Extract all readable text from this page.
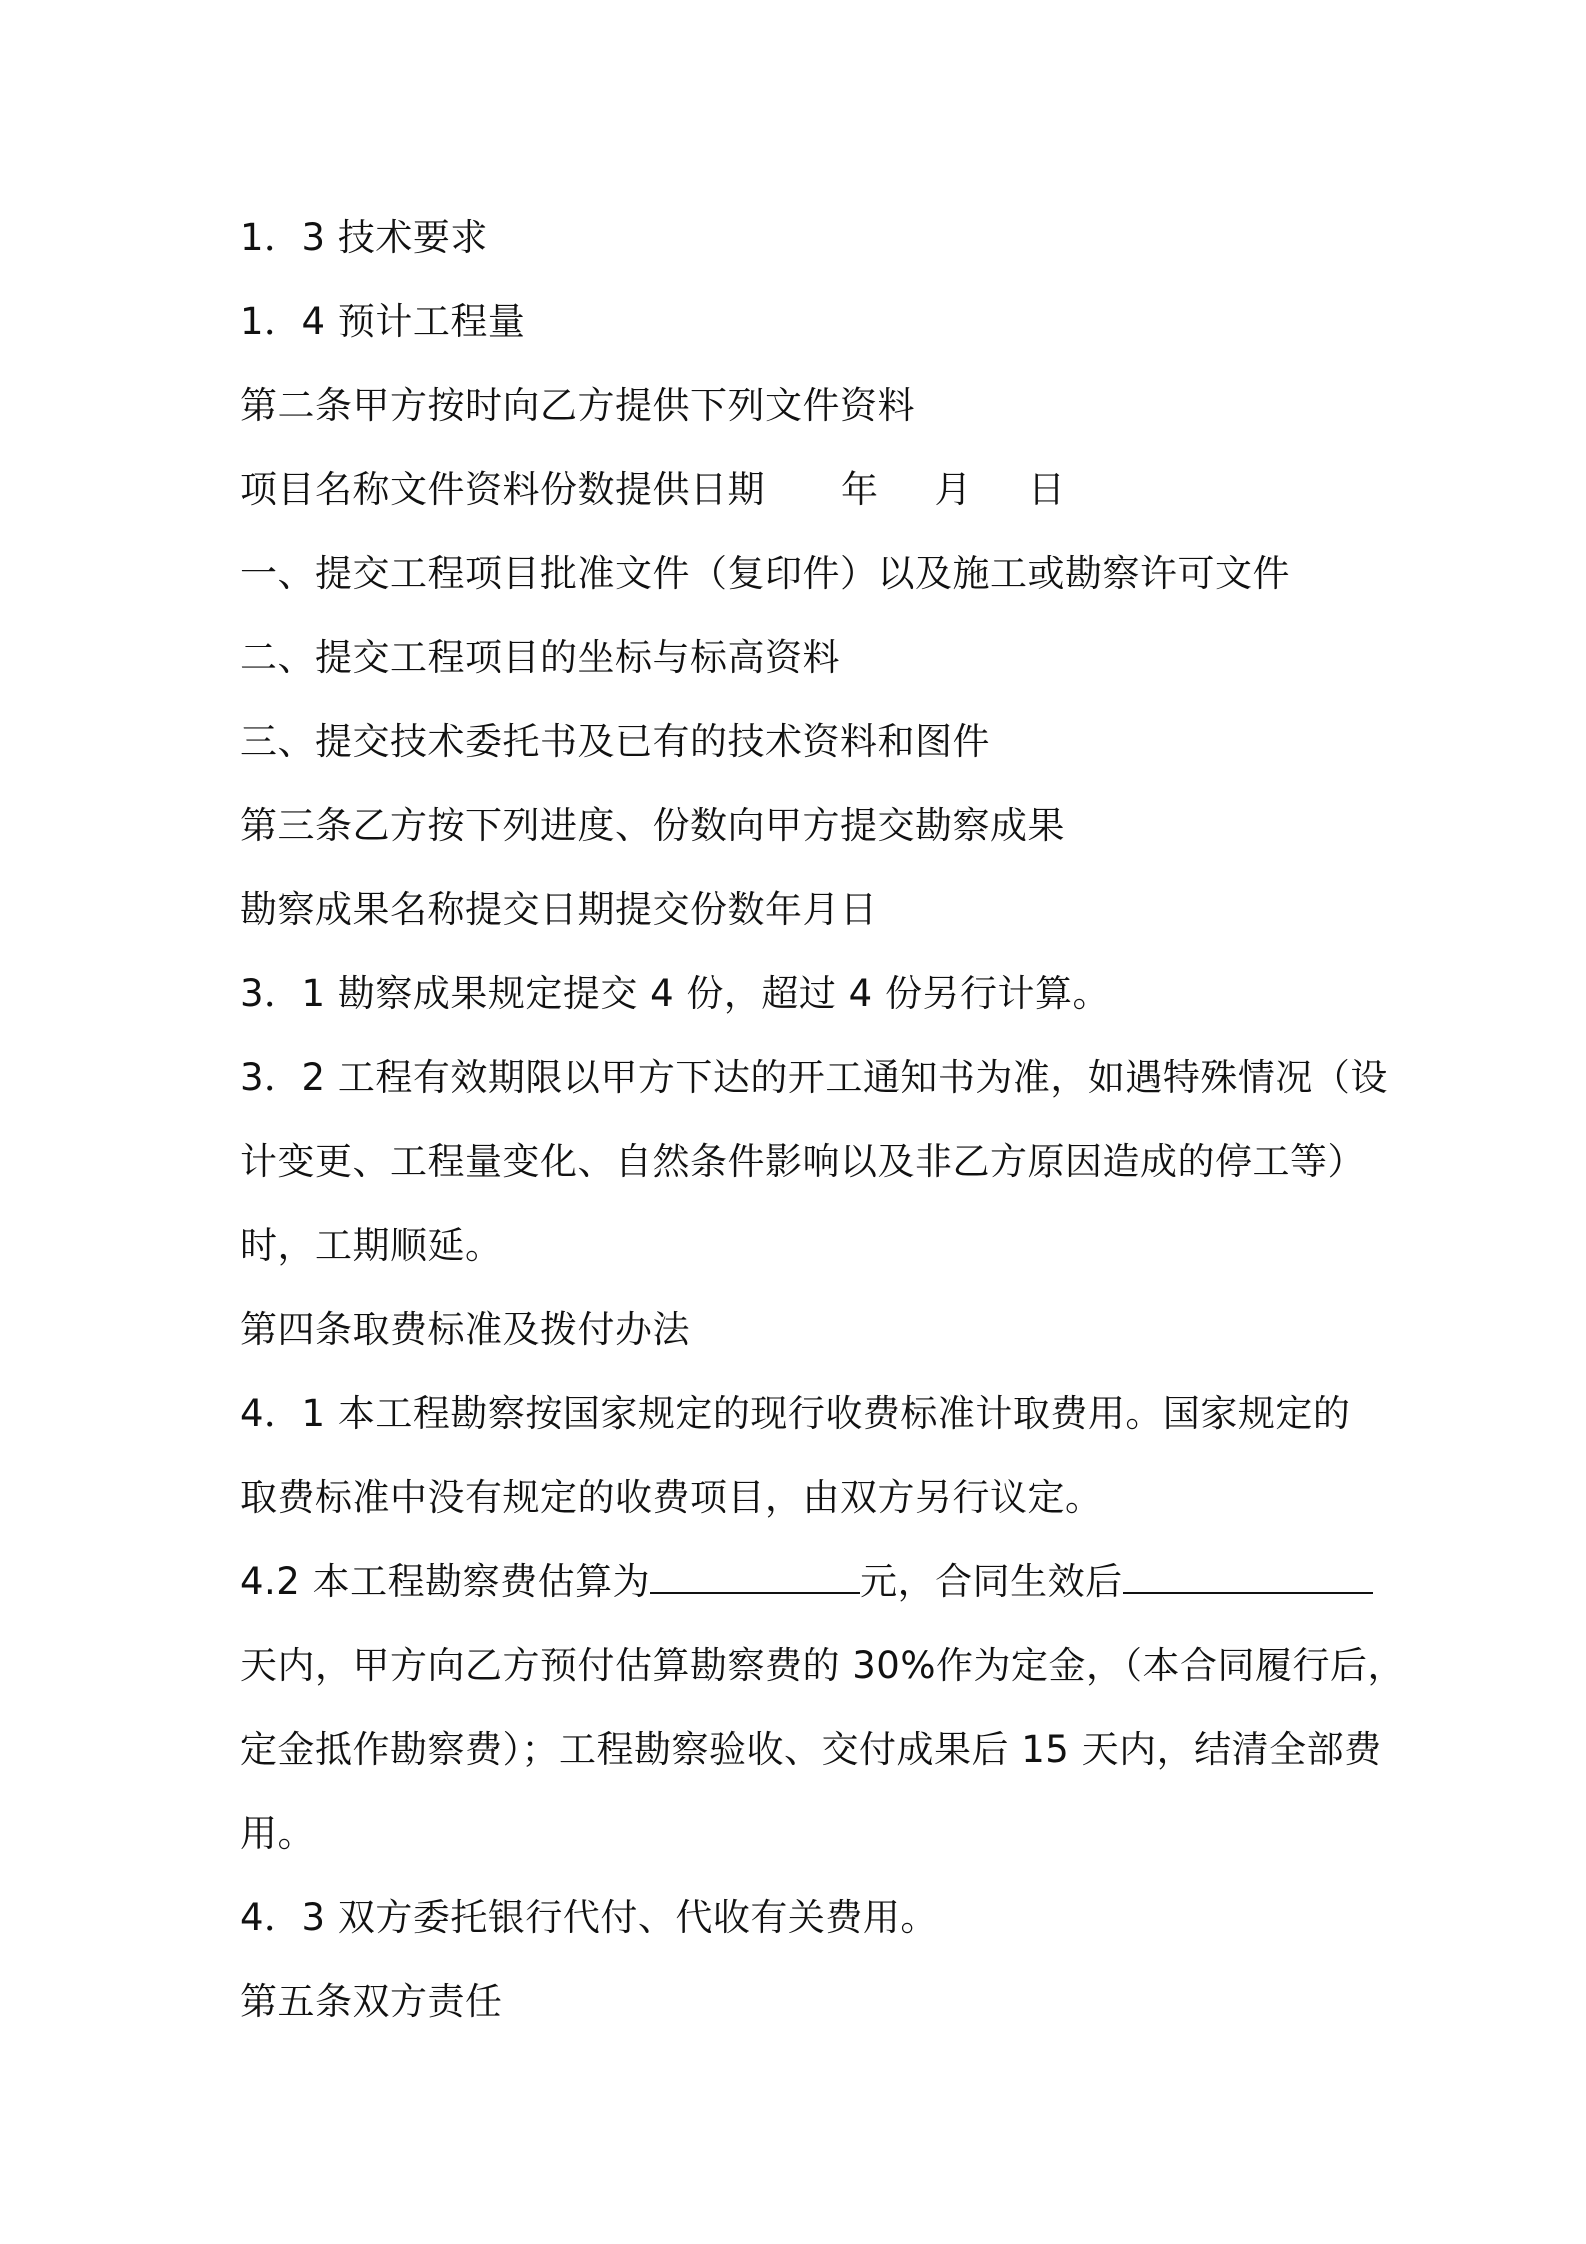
1．3 技术要求
1．4 预计工程量
第二条甲方按时向乙方提供下列文件资料
项目名称文件资料份数提供日期 年 月 日
一、提交工程项目批准文件（复印件）以及施工或勘察许可文件
二、提交工程项目的坐标与标高资料
三、提交技术委托书及已有的技术资料和图件
第三条乙方按下列进度、份数向甲方提交勘察成果
勘察成果名称提交日期提交份数年月日
3．1 勘察成果规定提交 4 份，超过 4 份另行计算。
3．2 工程有效期限以甲方下达的开工通知书为准，如遇特殊情况（设
计变更、工程量变化、自然条件影响以及非乙方原因造成的停工等）
时，工期顺延。
第四条取费标准及拨付办法
4．1 本工程勘察按国家规定的现行收费标准计取费用。国家规定的
取费标准中没有规定的收费项目，由双方另行议定。
4.2 本工程勘察费估算为	元，合同生效后
天内，甲方向乙方预付估算勘察费的 30%作为定金，（本合同履行后，
定金抵作勘察费）；工程勘察验收、交付成果后 15 天内，结清全部费
用。
4．3 双方委托银行代付、代收有关费用。
第五条双方责任
